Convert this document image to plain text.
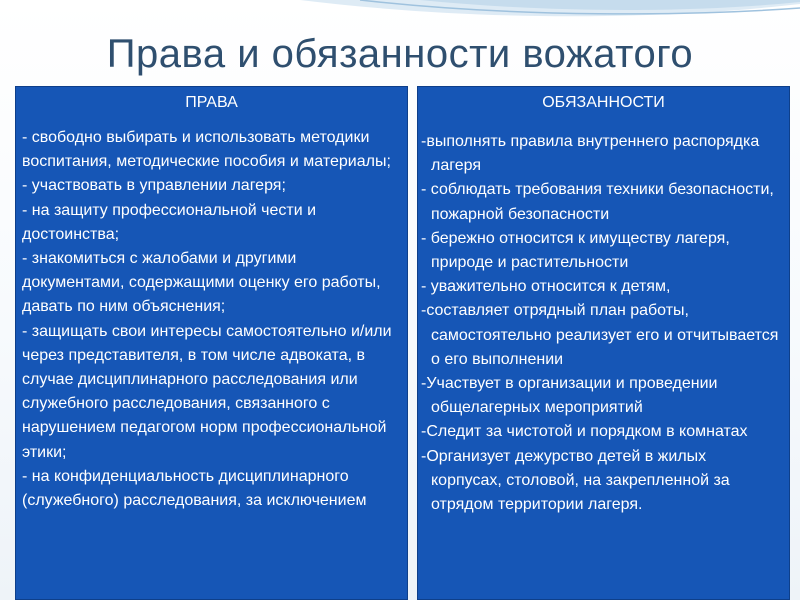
Права и обязанности вожатого
ПРАВА
- свободно выбирать и использовать методики воспитания, методические пособия и материалы;
- участвовать в управлении лагеря;
- на защиту профессиональной чести и достоинства;
- знакомиться с жалобами и другими документами, содержащими оценку его работы, давать по ним объяснения;
- защищать свои интересы самостоятельно и/или через представителя, в том числе адвоката, в случае дисциплинарного расследования или служебного расследования, связанного с нарушением педагогом норм профессиональной этики;
- на конфиденциальность дисциплинарного (служебного) расследования, за исключением
ОБЯЗАННОСТИ
-выполнять правила внутреннего распорядка лагеря
- соблюдать требования техники безопасности, пожарной безопасности
- бережно относится к имуществу лагеря, природе и растительности
- уважительно относится к детям,
-составляет отрядный план работы, самостоятельно реализует его и отчитывается о его выполнении
-Участвует в организации и проведении общелагерных мероприятий
-Следит за чистотой и порядком в комнатах
-Организует дежурство детей в жилых корпусах, столовой, на закрепленной за отрядом территории лагеря.
